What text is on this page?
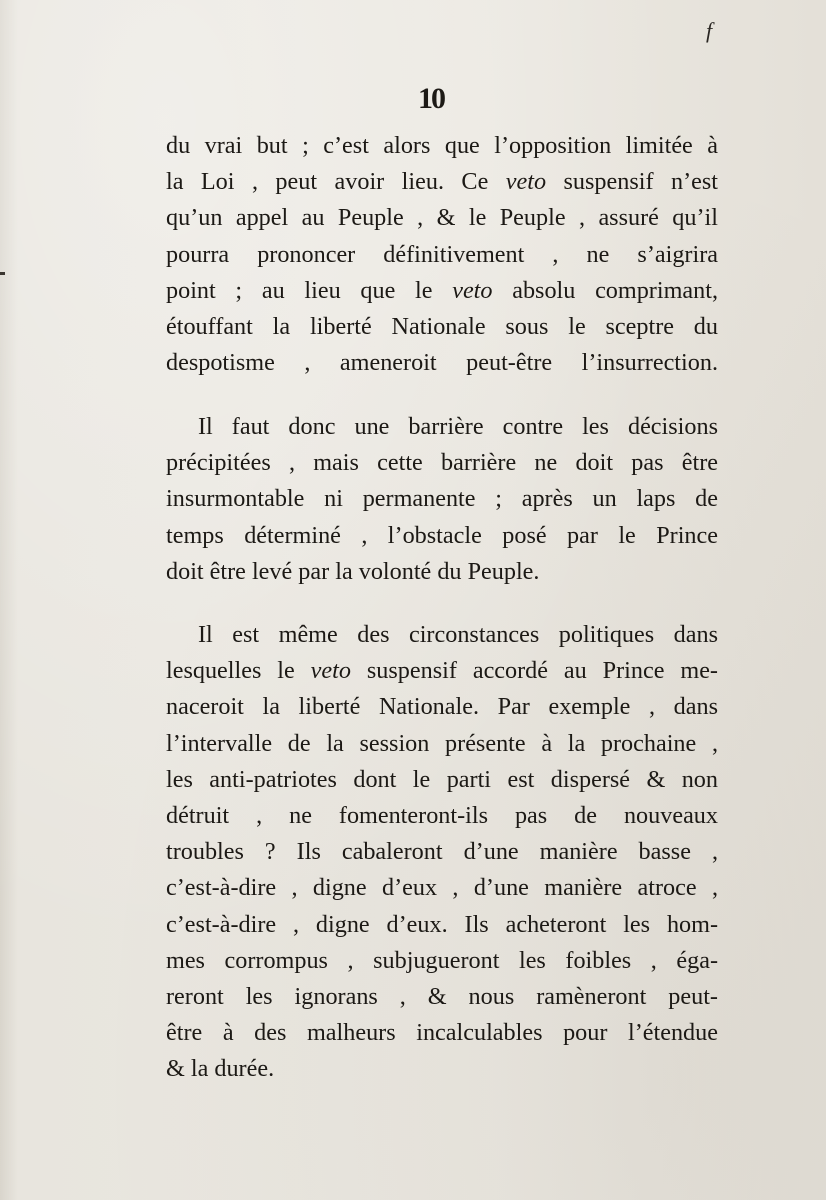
f
10
du vrai but ; c’est alors que l’opposition limitée à
la Loi , peut avoir lieu. Ce veto suspensif n’est
qu’un appel au Peuple , & le Peuple , assuré qu’il
pourra prononcer définitivement , ne s’aigrira
point ; au lieu que le veto absolu comprimant,
étouffant la liberté Nationale sous le sceptre du
despotisme , ameneroit peut-être l’insurrection.
Il faut donc une barrière contre les décisions
précipitées , mais cette barrière ne doit pas être
insurmontable ni permanente ; après un laps de
temps déterminé , l’obstacle posé par le Prince
doit être levé par la volonté du Peuple.
Il est même des circonstances politiques dans
lesquelles le veto suspensif accordé au Prince me-
naceroit la liberté Nationale. Par exemple , dans
l’intervalle de la session présente à la prochaine ,
les anti-patriotes dont le parti est dispersé & non
détruit , ne fomenteront-ils pas de nouveaux
troubles ? Ils cabaleront d’une manière basse ,
c’est-à-dire , digne d’eux , d’une manière atroce ,
c’est-à-dire , digne d’eux. Ils acheteront les hom-
mes corrompus , subjugueront les foibles , éga-
reront les ignorans , & nous ramèneront peut-
être à des malheurs incalculables pour l’étendue
& la durée.
